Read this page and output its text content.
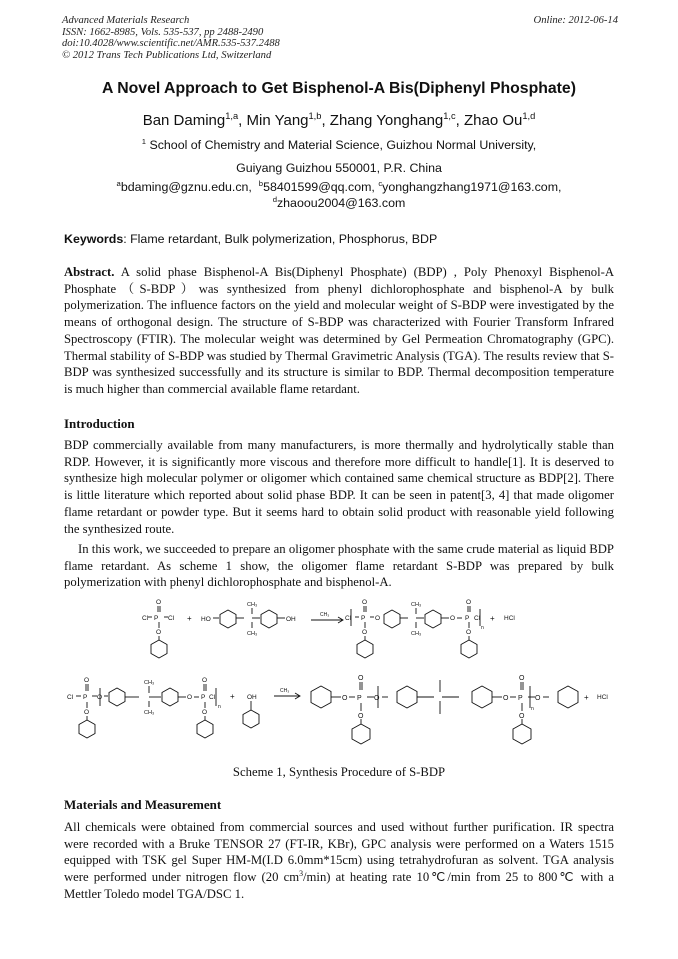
Advanced Materials Research
ISSN: 1662-8985, Vols. 535-537, pp 2488-2490
doi:10.4028/www.scientific.net/AMR.535-537.2488
© 2012 Trans Tech Publications Ltd, Switzerland
Online: 2012-06-14
A Novel Approach to Get Bisphenol-A Bis(Diphenyl Phosphate)
Ban Daming$^{1,a}$, Min Yang$^{1,b}$, Zhang Yonghang$^{1,c}$, Zhao Ou$^{1,d}$
$^1$ School of Chemistry and Material Science, Guizhou Normal University,
Guiyang Guizhou 550001, P.R. China
$^a$bdaming@gznu.edu.cn, $^b$58401599@qq.com, $^c$yonghangzhang1971@163.com,
$^d$zhaoou2004@163.com
Keywords: Flame retardant, Bulk polymerization, Phosphorus, BDP
Abstract. A solid phase Bisphenol-A Bis(Diphenyl Phosphate) (BDP) , Poly Phenoxyl Bisphenol-A Phosphate（S-BDP）was synthesized from phenyl dichlorophosphate and bisphenol-A by bulk polymerization. The influence factors on the yield and molecular weight of S-BDP were investigated by the means of orthogonal design. The structure of S-BDP was characterized with Fourier Transform Infrared Spectroscopy (FTIR). The molecular weight was determined by Gel Permeation Chromatography (GPC). Thermal stability of S-BDP was studied by Thermal Gravimetric Analysis (TGA). The results review that S-BDP was synthesized successfully and its structure is similar to BDP. Thermal decomposition temperature is much higher than commercial available flame retardant.
Introduction
BDP commercially available from many manufacturers, is more thermally and hydrolytically stable than RDP. However, it is significantly more viscous and therefore more difficult to handle[1]. It is deserved to synthesize high molecular polymer or oligomer which contained same chemical structure as BDP[2]. There is little literature which reported about solid phase BDP. It can be seen in patent[3, 4] that made oligomer flame retardant or powder type. But it seems hard to obtain solid product with reasonable yield following the synthesized route.
In this work, we succeeded to prepare an oligomer phosphate with the same crude material as liquid BDP flame retardant. As scheme 1 show, the oligomer flame retardant S-BDP was prepared by bulk polymerization with phenyl dichlorophosphate and bisphenol-A.
Cl P Cl
O
O
+ HO
CH₃
CH₃
OH
CH₃ Cl P O
O
O
CH₃
CH₃
O P Cl
O
O
n
+ HCl
Cl P O
O
O
CH₃
CH₃
O P Cl
O
O
n
+ OH
CH₃
O P O
O
O
O P O
O
O
n
+ HCl
Scheme 1, Synthesis Procedure of S-BDP
Materials and Measurement
All chemicals were obtained from commercial sources and used without further purification. IR spectra were recorded with a Bruke TENSOR 27 (FT-IR, KBr), GPC analysis were performed on a Waters 1515 equipped with TSK gel Super HM-M(I.D 6.0mm*15cm) using tetrahydrofuran as solvent. TGA analysis were performed under nitrogen flow (20 $cm^3/\min$) at heating rate 10℃/min from 25 to 800℃ with a Mettler Toledo model TGA/DSC 1.
